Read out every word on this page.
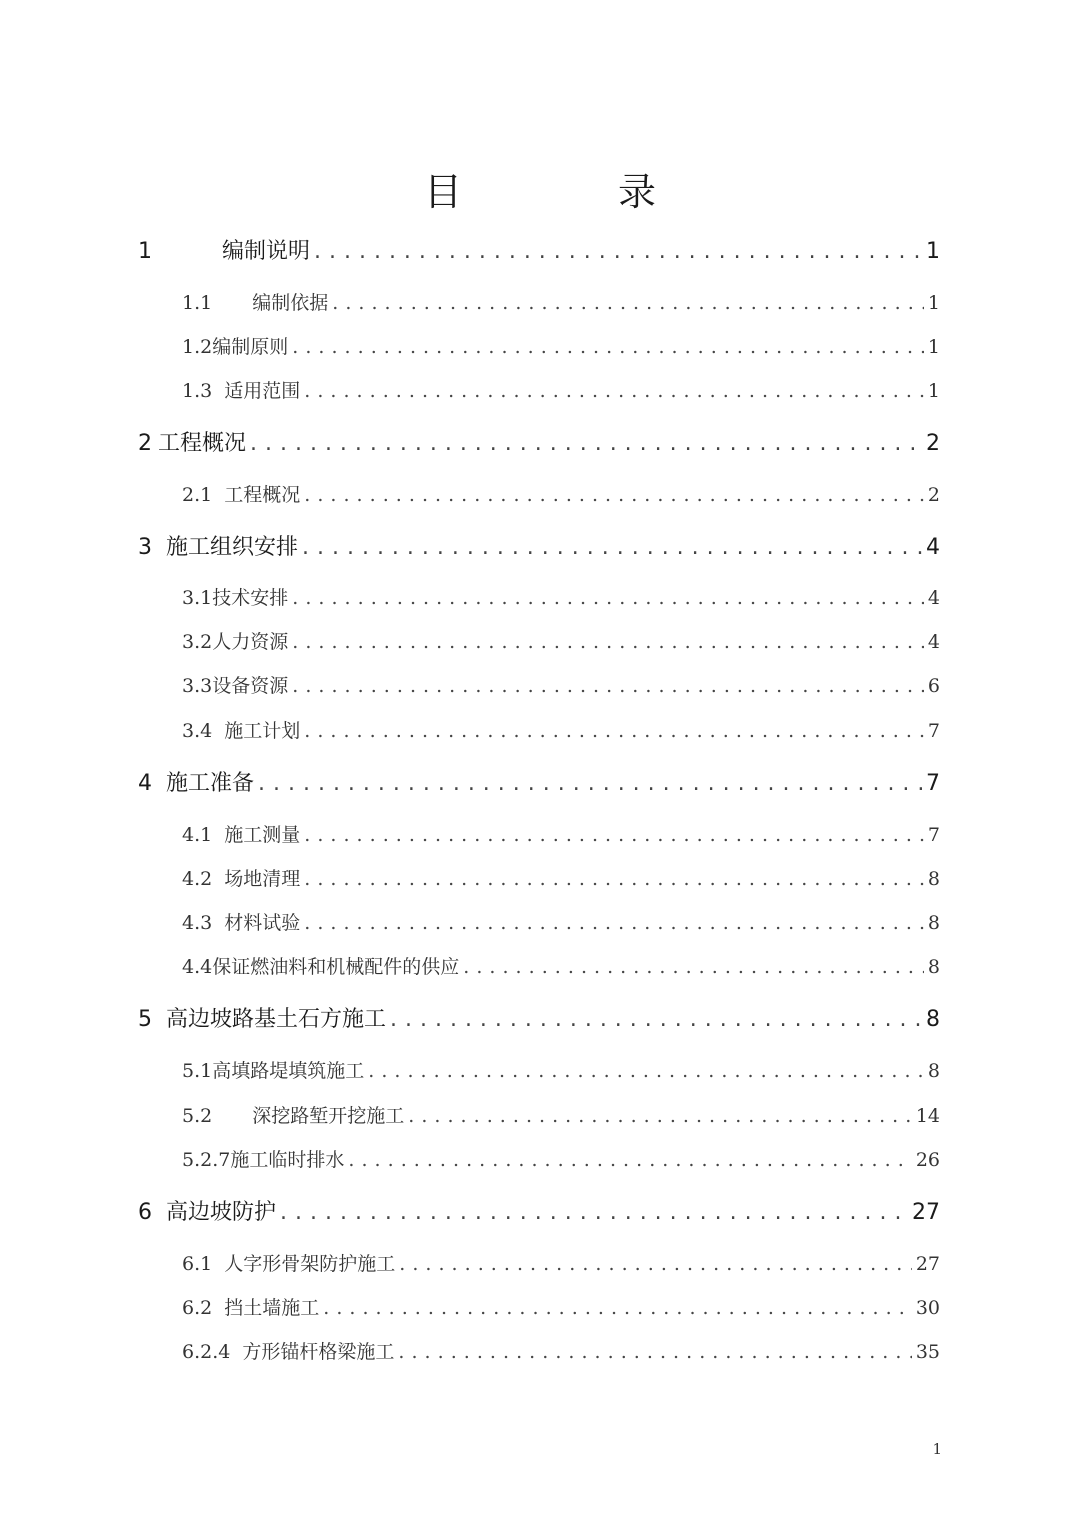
目 录
1	编制说明 . . .	1
1.1 编制依据 . . .	1
1.2 编制原则 . . .	1
1.3 适用范围 . . .	1
2 工程概况 . . .	2
2.1 工程概况 . . .	2
3 施工组织安排 . . .	4
3.1 技术安排 . . .	4
3.2 人力资源 . . .	4
3.3 设备资源 . . .	6
3.4 施工计划 . . .	7
4 施工准备 . . .	7
4.1 施工测量 . . .	7
4.2 场地清理 . . .	8
4.3 材料试验 . . .	8
4.4 保证燃油料和机械配件的供应 . . .	8
5 高边坡路基土石方施工 . . .	8
5.1 高填路堤填筑施工 . . .	8
5.2 深挖路堑开挖施工 . . .	14
5.2.7 施工临时排水 . . .	26
6 高边坡防护 . . .	27
6.1 人字形骨架防护施工 . . .	27
6.2 挡土墙施工 . . .	30
6.2.4 方形锚杆格梁施工 . . .	35
1
